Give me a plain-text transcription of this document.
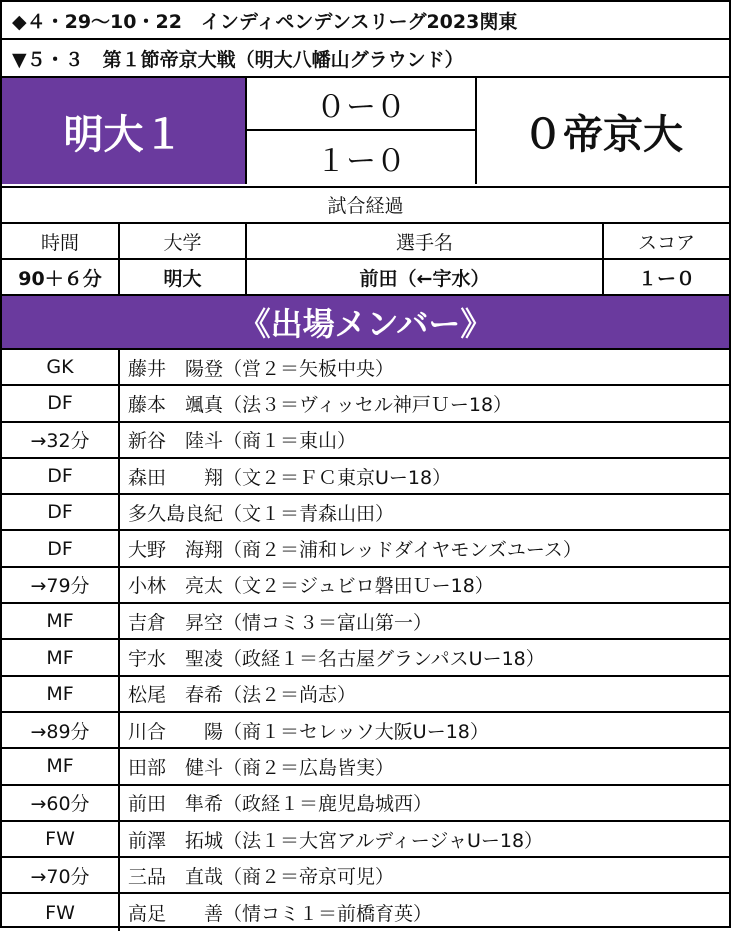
◆４・29〜10・22　インディペンデンスリーグ2023関東
▼５・３　第１節帝京大戦（明大八幡山グラウンド）
明大１
０ー０
１ー０
０帝京大
試合経過
時間	大学	選手名	スコア
90＋６分	明大	前田（←宇水）	１ー０
《出場メンバー》
GK	藤井　陽登（営２＝矢板中央）
DF	藤本　颯真（法３＝ヴィッセル神戸Ｕー18）
→32分	新谷　陸斗（商１＝東山）
DF	森田　　翔（文２＝ＦＣ東京Uー18）
DF	多久島良紀（文１＝青森山田）
DF	大野　海翔（商２＝浦和レッドダイヤモンズユース）
→79分	小林　亮太（文２＝ジュビロ磐田Ｕー18）
MF	吉倉　昇空（情コミ３＝富山第一）
MF	宇水　聖凌（政経１＝名古屋グランパスUー18）
MF	松尾　春希（法２＝尚志）
→89分	川合　　陽（商１＝セレッソ大阪Uー18）
MF	田部　健斗（商２＝広島皆実）
→60分	前田　隼希（政経１＝鹿児島城西）
FW	前澤　拓城（法１＝大宮アルディージャUー18）
→70分	三品　直哉（商２＝帝京可児）
FW	高足　　善（情コミ１＝前橋育英）
